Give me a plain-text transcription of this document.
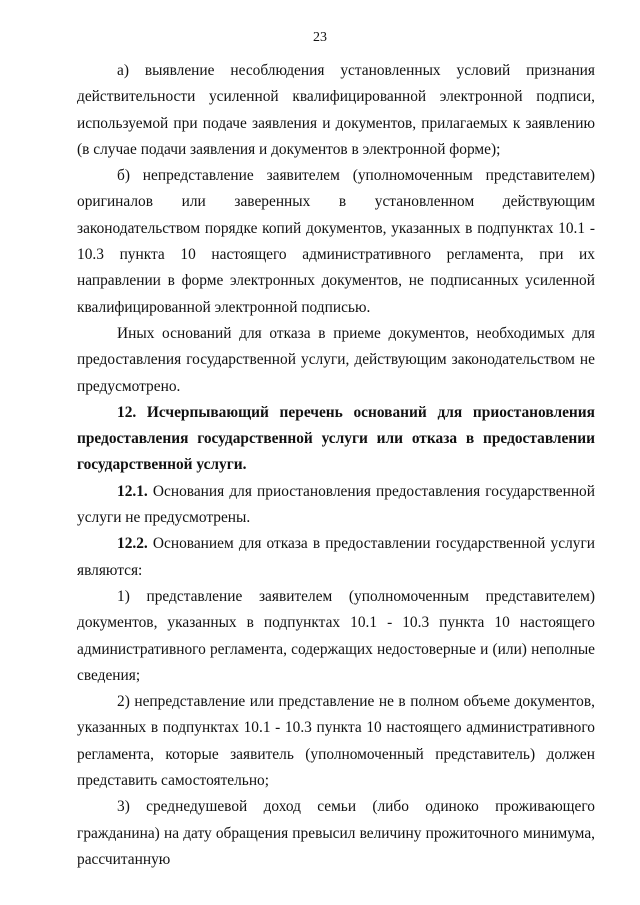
23

а) выявление несоблюдения установленных условий признания действительности усиленной квалифицированной электронной подписи, используемой при подаче заявления и документов, прилагаемых к заявлению (в случае подачи заявления и документов в электронной форме);

б) непредставление заявителем (уполномоченным представителем) оригиналов или заверенных в установленном действующим законодательством порядке копий документов, указанных в подпунктах 10.1 - 10.3 пункта 10 настоящего административного регламента, при их направлении в форме электронных документов, не подписанных усиленной квалифицированной электронной подписью.

Иных оснований для отказа в приеме документов, необходимых для предоставления государственной услуги, действующим законодательством не предусмотрено.

12. Исчерпывающий перечень оснований для приостановления предоставления государственной услуги или отказа в предоставлении государственной услуги.

12.1. Основания для приостановления предоставления государственной услуги не предусмотрены.

12.2. Основанием для отказа в предоставлении государственной услуги являются:

1) представление заявителем (уполномоченным представителем) документов, указанных в подпунктах 10.1 - 10.3 пункта 10 настоящего административного регламента, содержащих недостоверные и (или) неполные сведения;

2) непредставление или представление не в полном объеме документов, указанных в подпунктах 10.1 - 10.3 пункта 10 настоящего административного регламента, которые заявитель (уполномоченный представитель) должен представить самостоятельно;

3) среднедушевой доход семьи (либо одиноко проживающего гражданина) на дату обращения превысил величину прожиточного минимума, рассчитанную
